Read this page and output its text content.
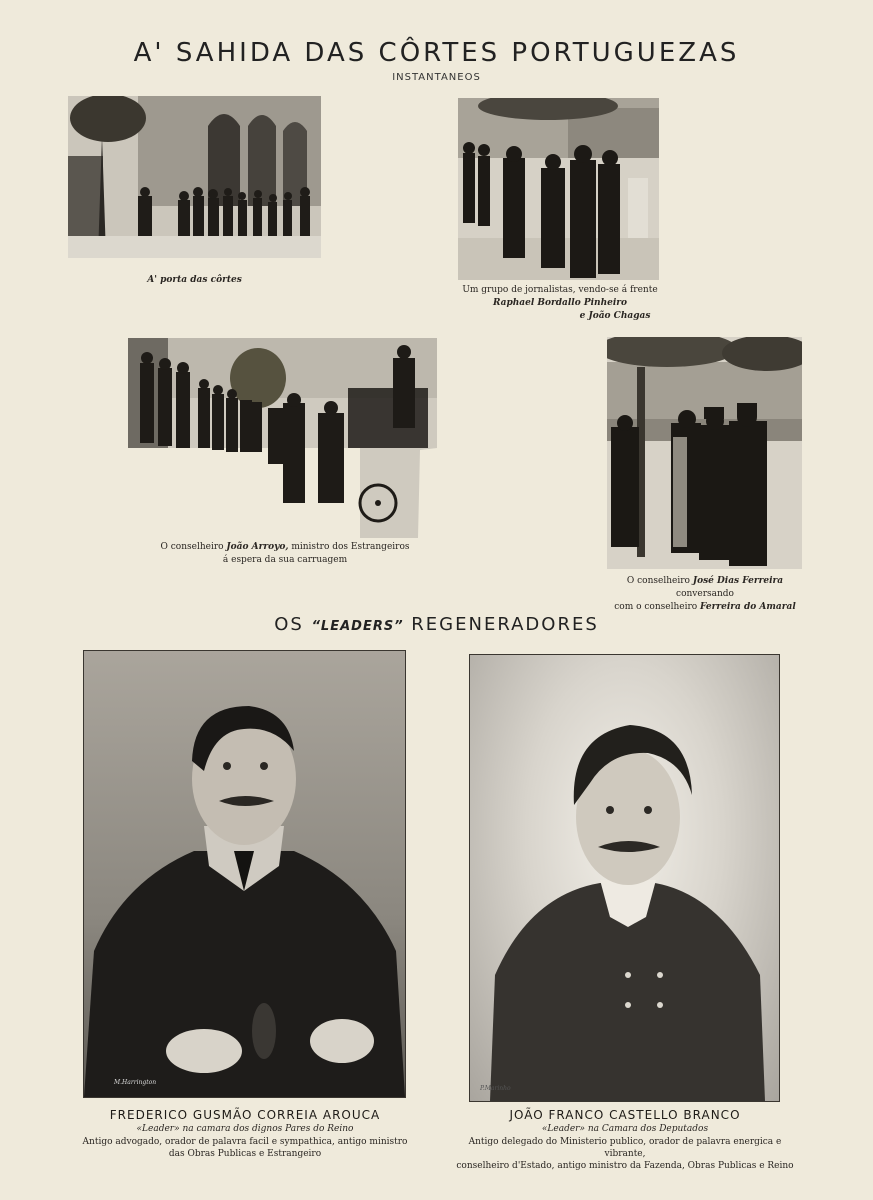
A' SAHIDA DAS CÔRTES PORTUGUEZAS
INSTANTANEOS
A' porta das côrtes
Um grupo de jornalistas, vendo-se á frente
Raphael Bordallo Pinheiro
e João Chagas
O conselheiro João Arroyo, ministro dos Estrangeiros
á espera da sua carruagem
O conselheiro José Dias Ferreira
conversando
com o conselheiro Ferreira do Amaral
OS “LEADERS” REGENERADORES
M.Harrington
FREDERICO GUSMÃO CORREIA AROUCA
«Leader» na camara dos dignos Pares do Reino
Antigo advogado, orador de palavra facil e sympathica, antigo ministro
das Obras Publicas e Estrangeiro
P.Marinho
JOÃO FRANCO CASTELLO BRANCO
«Leader» na Camara dos Deputados
Antigo delegado do Ministerio publico, orador de palavra energica e vibrante,
conselheiro d'Estado, antigo ministro da Fazenda, Obras Publicas e Reino
